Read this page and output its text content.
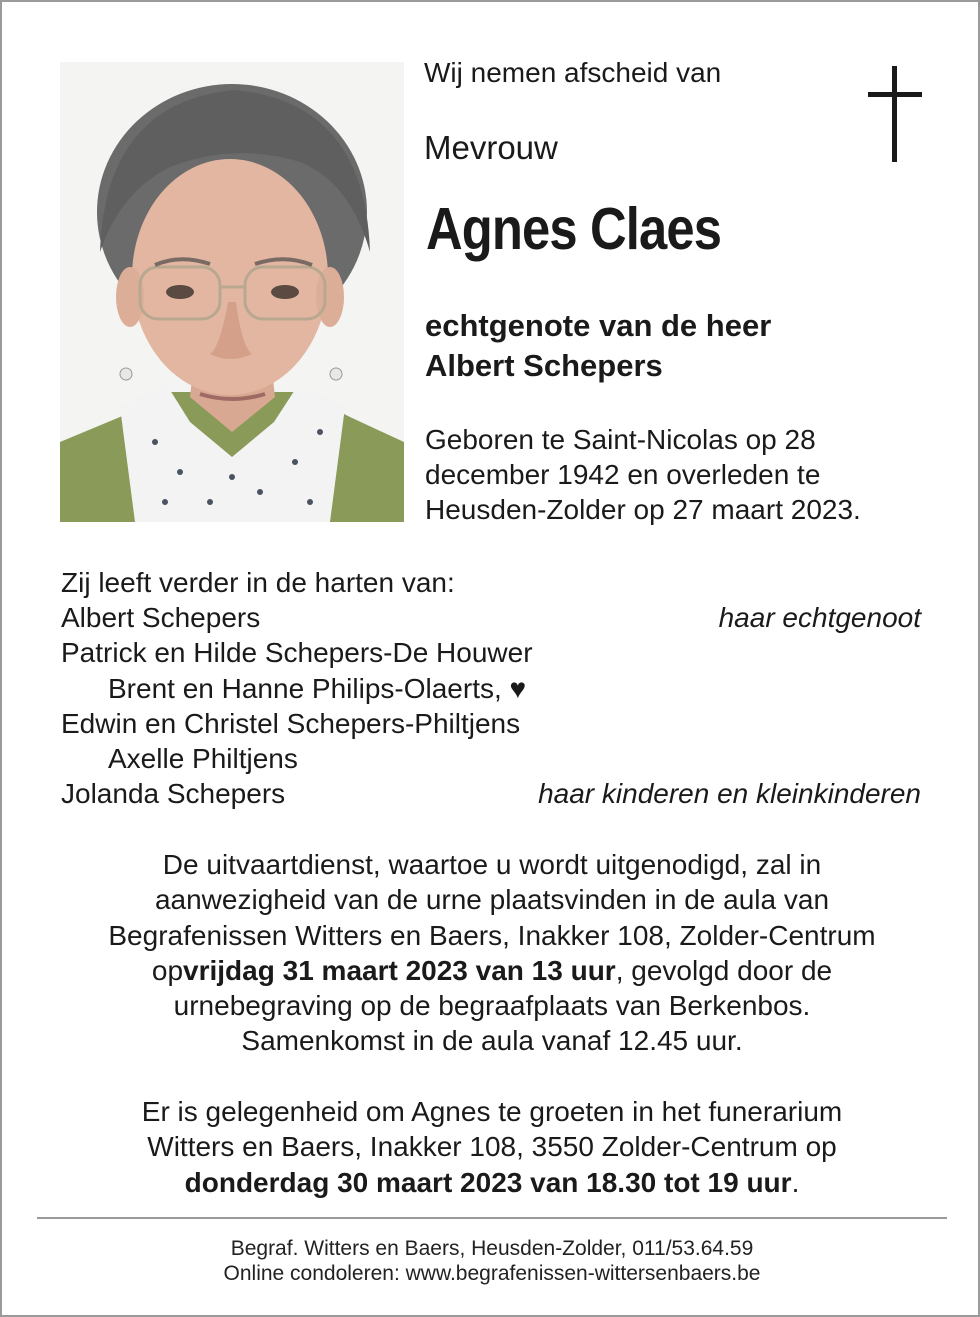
Wij nemen afscheid van
Mevrouw
Agnes Claes
echtgenote van de heer
Albert Schepers
Geboren te Saint-Nicolas op 28
december 1942 en overleden te
Heusden-Zolder op 27 maart 2023.
Zij leeft verder in de harten van:
Albert Schepers	haar echtgenoot
Patrick en Hilde Schepers-De Houwer
Brent en Hanne Philips-Olaerts, ♥
Edwin en Christel Schepers-Philtjens
Axelle Philtjens
Jolanda Schepers	haar kinderen en kleinkinderen
De uitvaartdienst, waartoe u wordt uitgenodigd, zal in
aanwezigheid van de urne plaatsvinden in de aula van
Begrafenissen Witters en Baers, Inakker 108, Zolder-Centrum
opvrijdag 31 maart 2023 van 13 uur, gevolgd door de
urnebegraving op de begraafplaats van Berkenbos.
Samenkomst in de aula vanaf 12.45 uur.
Er is gelegenheid om Agnes te groeten in het funerarium
Witters en Baers, Inakker 108, 3550 Zolder-Centrum op
donderdag 30 maart 2023 van 18.30 tot 19 uur.
Begraf. Witters en Baers, Heusden-Zolder, 011/53.64.59
Online condoleren: www.begrafenissen-wittersenbaers.be
